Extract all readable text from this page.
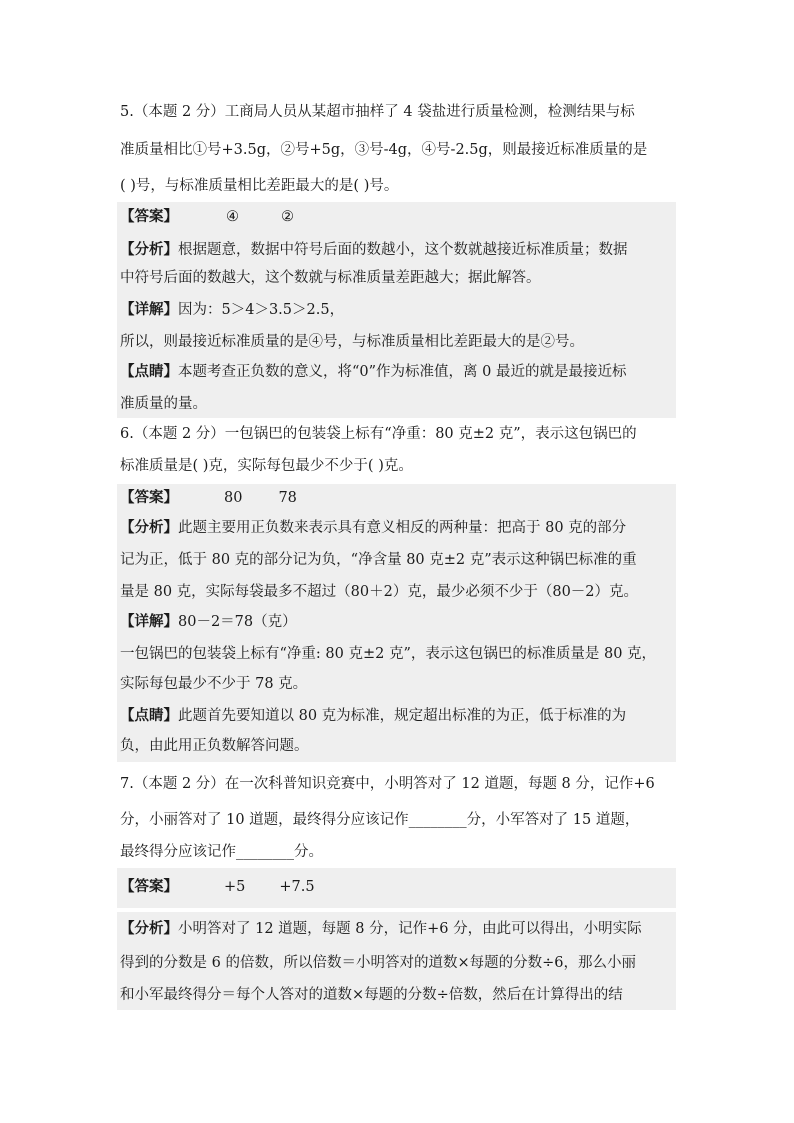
5.（本题 2 分）工商局人员从某超市抽样了 4 袋盐进行质量检测，检测结果与标
准质量相比①号+3.5g，②号+5g，③号-4g，④号-2.5g，则最接近标准质量的是
( )号，与标准质量相比差距最大的是( )号。
【答案】	④	②
【分析】根据题意，数据中符号后面的数越小，这个数就越接近标准质量；数据
中符号后面的数越大，这个数就与标准质量差距越大；据此解答。
【详解】因为：5＞4＞3.5＞2.5，
所以，则最接近标准质量的是④号，与标准质量相比差距最大的是②号。
【点睛】本题考查正负数的意义，将“0”作为标准值，离 0 最近的就是最接近标
准质量的量。
6.（本题 2 分）一包锅巴的包装袋上标有“净重：80 克±2 克”，表示这包锅巴的
标准质量是( )克，实际每包最少不少于( )克。
【答案】	80 78
【分析】此题主要用正负数来表示具有意义相反的两种量：把高于 80 克的部分
记为正，低于 80 克的部分记为负，“净含量 80 克±2 克”表示这种锅巴标准的重
量是 80 克，实际每袋最多不超过（80＋2）克，最少必须不少于（80－2）克。
【详解】80－2＝78（克）
一包锅巴的包装袋上标有“净重: 80 克±2 克”，表示这包锅巴的标准质量是 80 克，
实际每包最少不少于 78 克。
【点睛】此题首先要知道以 80 克为标准，规定超出标准的为正，低于标准的为
负，由此用正负数解答问题。
7.（本题 2 分）在一次科普知识竞赛中，小明答对了 12 道题，每题 8 分，记作+6
分，小丽答对了 10 道题，最终得分应该记作________分，小军答对了 15 道题，
最终得分应该记作________分。
【答案】	+5 +7.5
【分析】小明答对了 12 道题，每题 8 分，记作+6 分，由此可以得出，小明实际
得到的分数是 6 的倍数，所以倍数＝小明答对的道数×每题的分数÷6，那么小丽
和小军最终得分＝每个人答对的道数×每题的分数÷倍数，然后在计算得出的结
